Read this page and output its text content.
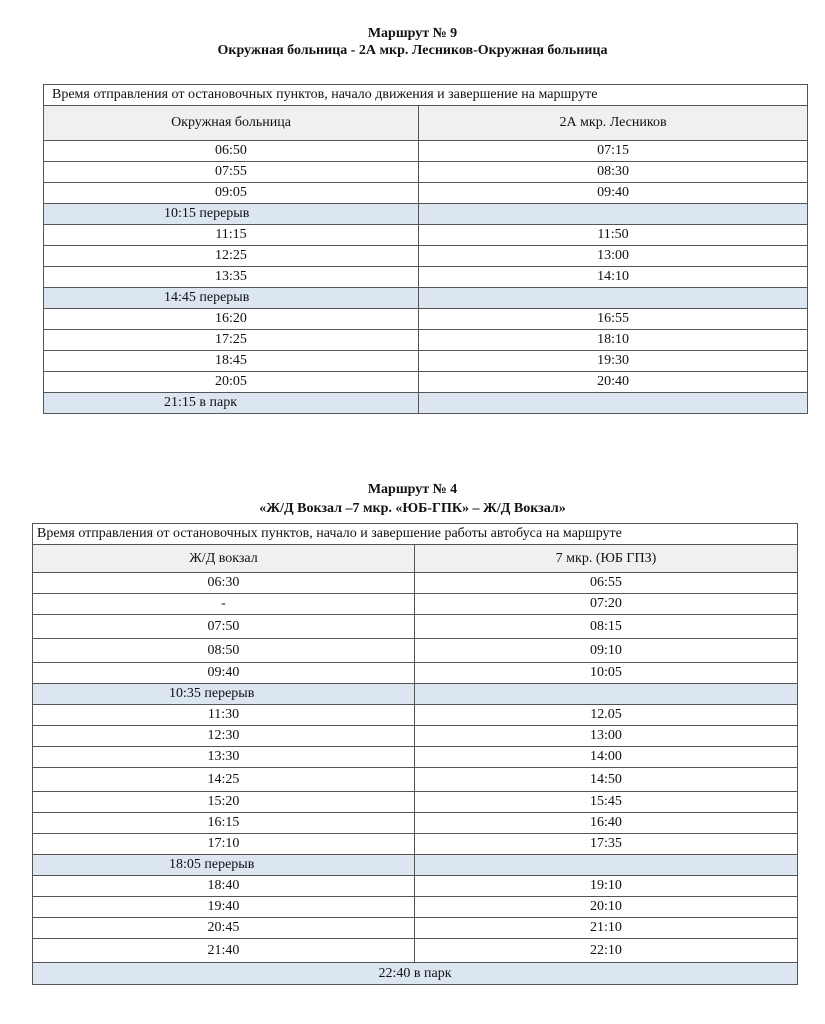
Маршрут № 9
Окружная больница - 2А мкр. Лесников-Окружная больница
Время отправления от остановочных пунктов, начало движения и завершение на маршруте	
Окружная больница	2А мкр. Лесников
06:50	07:15
07:55	08:30
09:05	09:40
10:15 перерыв	
11:15	11:50
12:25	13:00
13:35	14:10
14:45 перерыв	
16:20	16:55
17:25	18:10
18:45	19:30
20:05	20:40
21:15 в парк	
Маршрут № 4
«Ж/Д Вокзал –7 мкр. «ЮБ-ГПК» – Ж/Д Вокзал»
Время отправления от остановочных пунктов, начало и завершение работы автобуса на маршруте	
Ж/Д вокзал	7 мкр. (ЮБ ГПЗ)
06:30	06:55
-	07:20
07:50	08:15
08:50	09:10
09:40	10:05
10:35 перерыв	
11:30	12.05
12:30	13:00
13:30	14:00
14:25	14:50
15:20	15:45
16:15	16:40
17:10	17:35
18:05 перерыв	
18:40	19:10
19:40	20:10
20:45	21:10
21:40	22:10
22:40 в парк	
